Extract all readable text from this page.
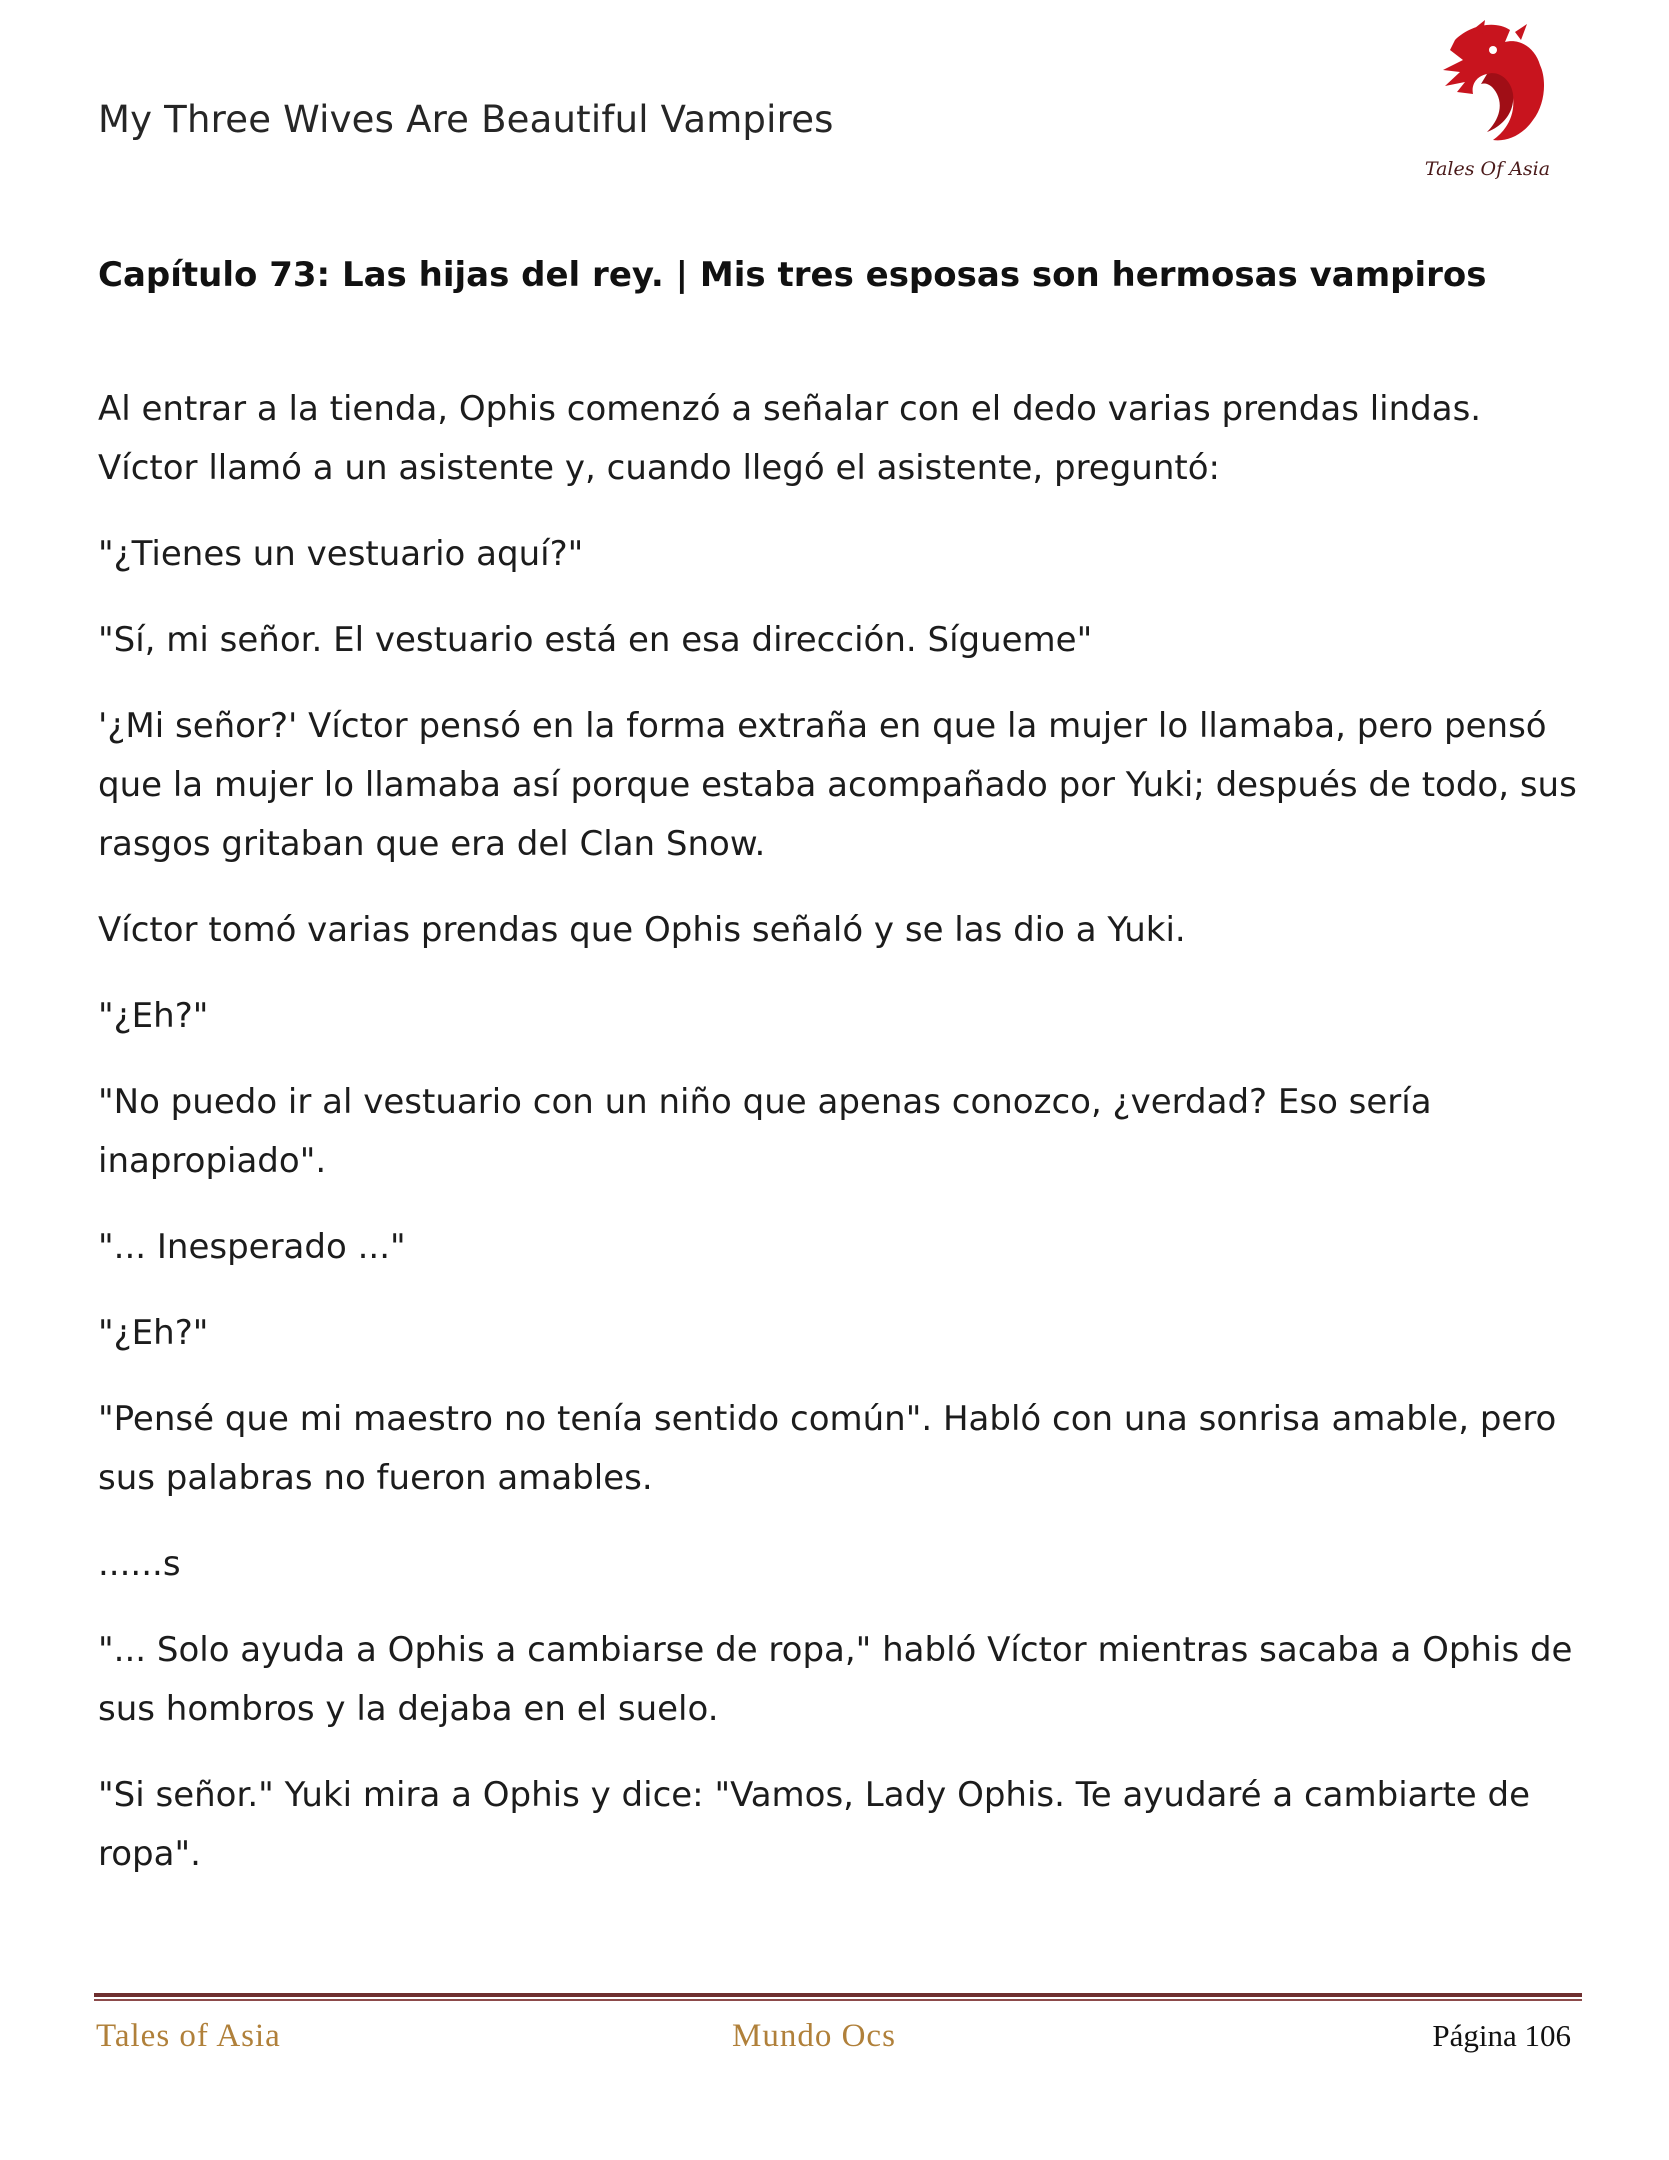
My Three Wives Are Beautiful Vampires
Tales Of Asia
Capítulo 73: Las hijas del rey. | Mis tres esposas son hermosas vampiros

Al entrar a la tienda, Ophis comenzó a señalar con el dedo varias prendas lindas. Víctor llamó a un asistente y, cuando llegó el asistente, preguntó:

"¿Tienes un vestuario aquí?"

"Sí, mi señor. El vestuario está en esa dirección. Sígueme"

'¿Mi señor?' Víctor pensó en la forma extraña en que la mujer lo llamaba, pero pensó que la mujer lo llamaba así porque estaba acompañado por Yuki; después de todo, sus rasgos gritaban que era del Clan Snow.

Víctor tomó varias prendas que Ophis señaló y se las dio a Yuki.

"¿Eh?"

"No puedo ir al vestuario con un niño que apenas conozco, ¿verdad? Eso sería inapropiado".

"... Inesperado ..."

"¿Eh?"

"Pensé que mi maestro no tenía sentido común". Habló con una sonrisa amable, pero sus palabras no fueron amables.

......s

"... Solo ayuda a Ophis a cambiarse de ropa," habló Víctor mientras sacaba a Ophis de sus hombros y la dejaba en el suelo.

"Si señor." Yuki mira a Ophis y dice: "Vamos, Lady Ophis. Te ayudaré a cambiarte de ropa".

Tales of Asia	Mundo Ocs	Página 106
